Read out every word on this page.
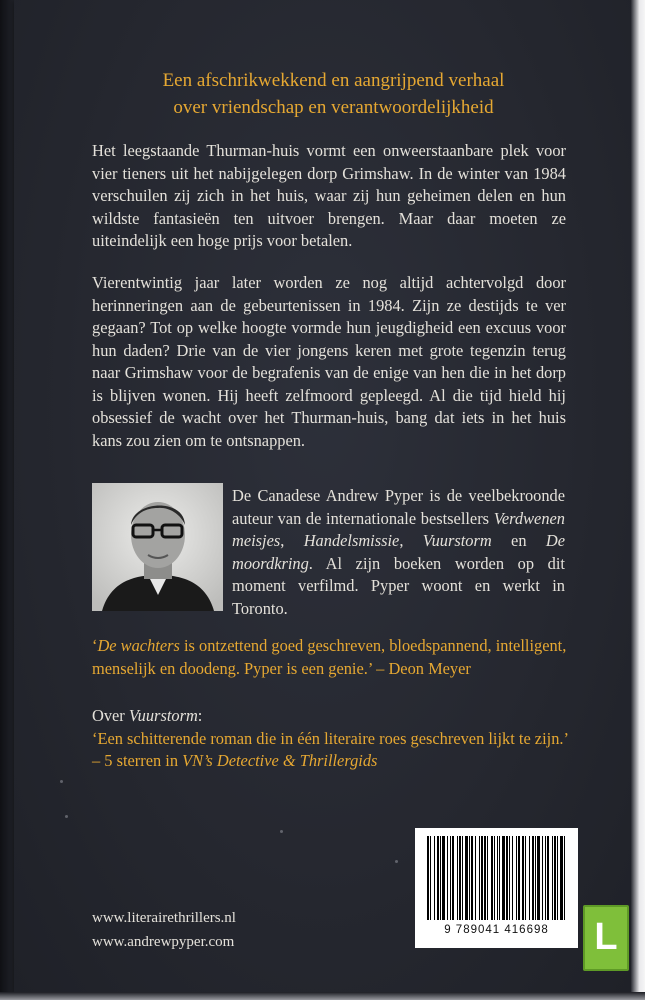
Een afschrikwekkend en aangrijpend verhaal
over vriendschap en verantwoordelijkheid
Het leegstaande Thurman-huis vormt een onweerstaanbare plek voor vier tieners uit het nabijgelegen dorp Grimshaw. In de winter van 1984 verschuilen zij zich in het huis, waar zij hun geheimen delen en hun wildste fantasieën ten uitvoer brengen. Maar daar moeten ze uiteindelijk een hoge prijs voor betalen.
Vierentwintig jaar later worden ze nog altijd achtervolgd door herinneringen aan de gebeurtenissen in 1984. Zijn ze destijds te ver gegaan? Tot op welke hoogte vormde hun jeugdigheid een excuus voor hun daden? Drie van de vier jongens keren met grote tegenzin terug naar Grimshaw voor de begrafenis van de enige van hen die in het dorp is blijven wonen. Hij heeft zelfmoord gepleegd. Al die tijd hield hij obsessief de wacht over het Thurman-huis, bang dat iets in het huis kans zou zien om te ontsnappen.
De Canadese Andrew Pyper is de veelbekroonde auteur van de internationale bestsellers Verdwenen meisjes, Handelsmissie, Vuurstorm en De moordkring. Al zijn boeken worden op dit moment verfilmd. Pyper woont en werkt in Toronto.
‘De wachters is ontzettend goed geschreven, bloedspannend, intelligent, menselijk en doodeng. Pyper is een genie.’ – Deon Meyer
Over Vuurstorm:
‘Een schitterende roman die in één literaire roes geschreven lijkt te zijn.’
– 5 sterren in VN’s Detective & Thrillergids
www.literairethrillers.nl
www.andrewpyper.com
9 789041 416698	L
